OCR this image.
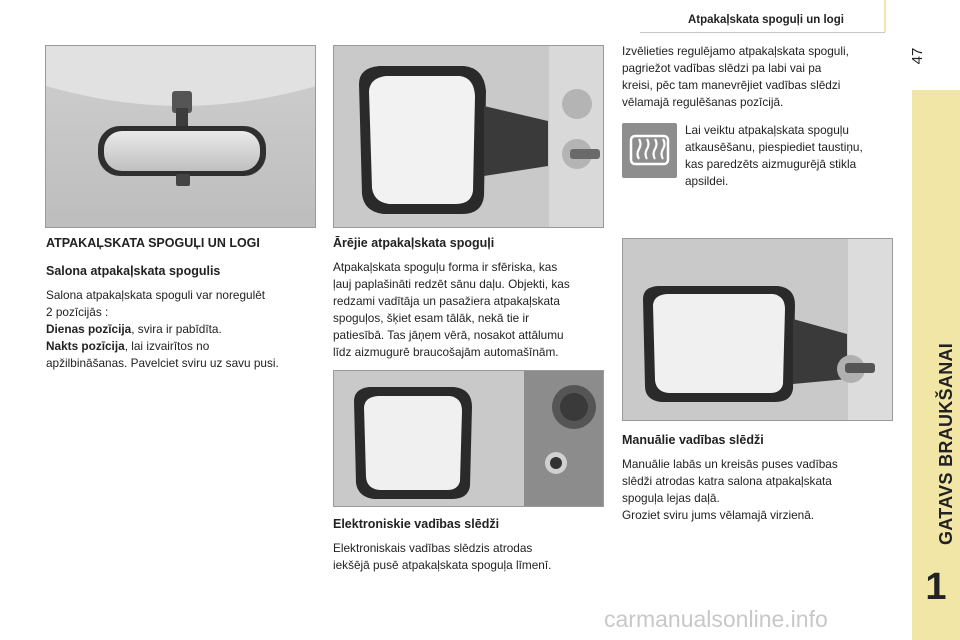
Atpakaļskata spoguļi un logi
47
GATAVS BRAUKŠANAI
1
ATPAKAĻSKATA SPOGUĻI UN LOGI
Salona atpakaļskata spogulis
Salona atpakaļskata spoguli var noregulēt
2 pozīcijās :
Dienas pozīcija, svira ir pabīdīta.
Nakts pozīcija, lai izvairītos no
apžilbināšanas. Pavelciet sviru uz savu pusi.
Ārējie atpakaļskata spoguļi
Atpakaļskata spoguļu forma ir sfēriska, kas
ļauj paplašināti redzēt sānu daļu. Objekti, kas
redzami vadītāja un pasažiera atpakaļskata
spoguļos, šķiet esam tālāk, nekā tie ir
patiesībā. Tas jāņem vērā, nosakot attālumu
līdz aizmugurē braucošajām automašīnām.
Elektroniskie vadības slēdži
Elektroniskais vadības slēdzis atrodas
iekšējā pusē atpakaļskata spoguļa līmenī.
Izvēlieties regulējamo atpakaļskata spoguli,
pagriežot vadības slēdzi pa labi vai pa
kreisi, pēc tam manevrējiet vadības slēdzi
vēlamajā regulēšanas pozīcijā.
Lai veiktu atpakaļskata spoguļu
atkausēšanu, piespiediet taustiņu,
kas paredzēts aizmugurējā stikla
apsildei.
Manuālie vadības slēdži
Manuālie labās un kreisās puses vadības
slēdži atrodas katra salona atpakaļskata
spoguļa lejas daļā.
Groziet sviru jums vēlamajā virzienā.
carmanualsonline.info
